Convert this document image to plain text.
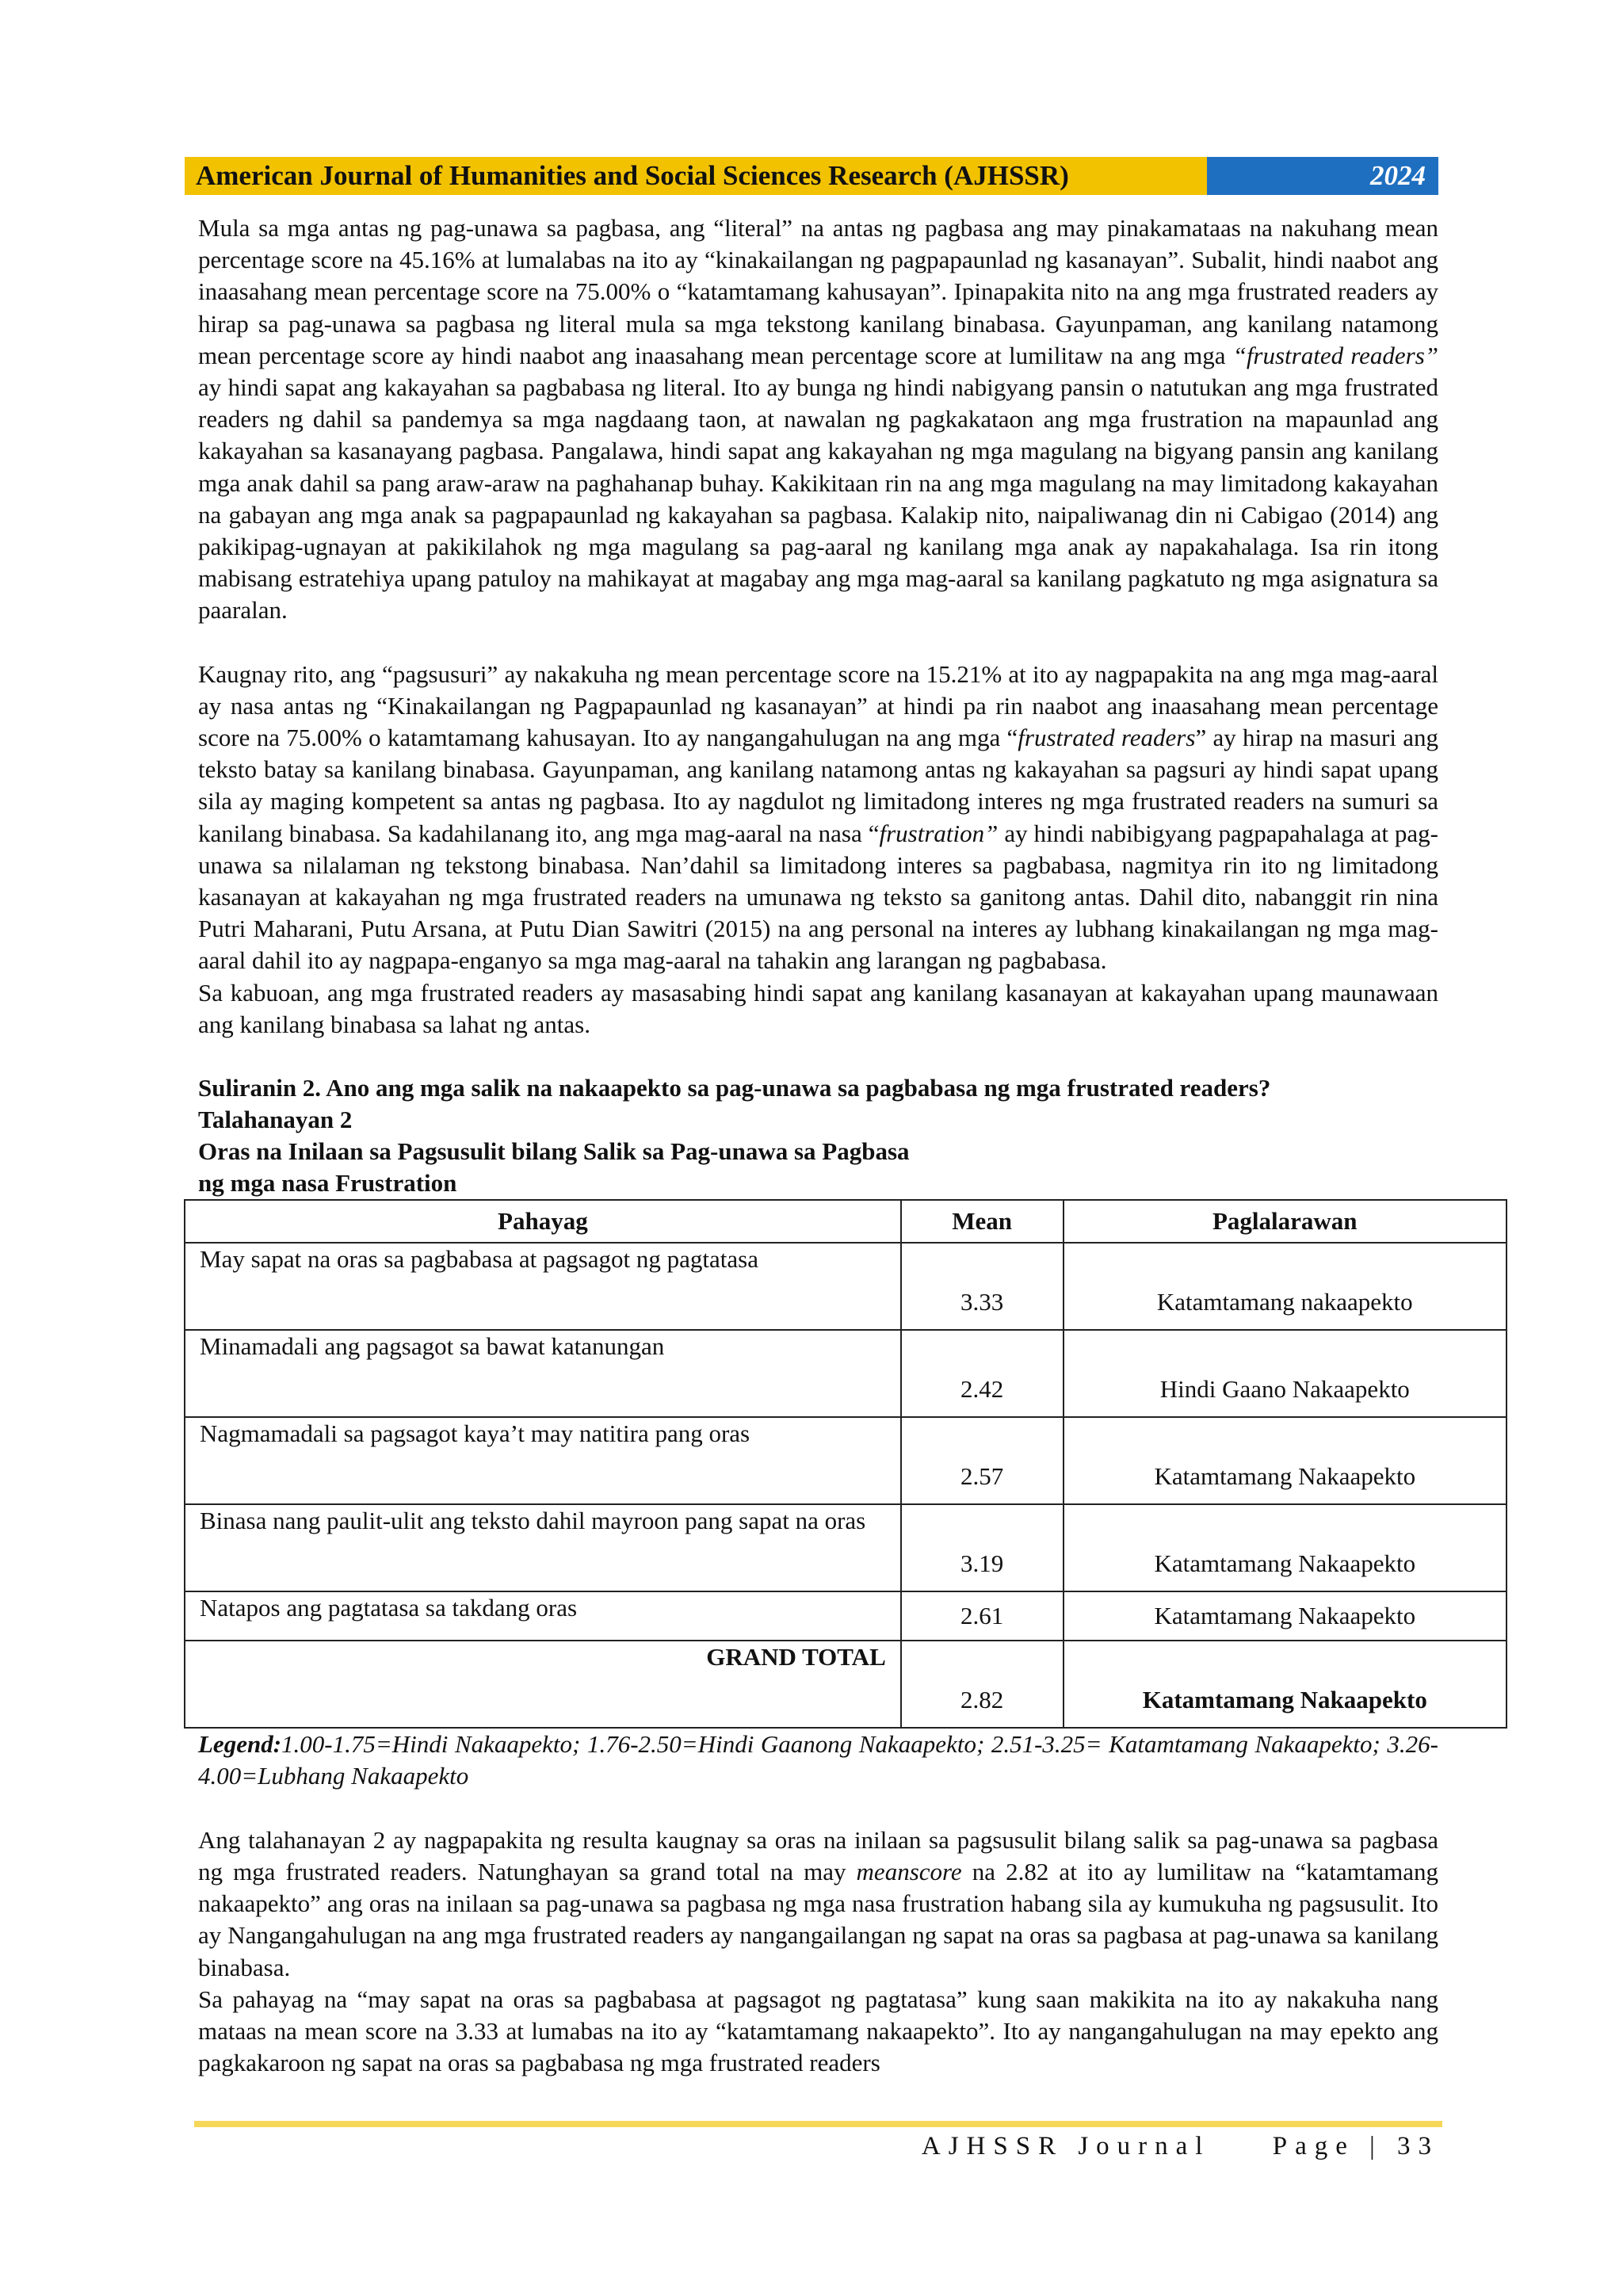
American Journal of Humanities and Social Sciences Research (AJHSSR)	2024

Mula sa mga antas ng pag-unawa sa pagbasa, ang “literal” na antas ng pagbasa ang may pinakamataas na nakuhang mean percentage score na 45.16% at lumalabas na ito ay “kinakailangan ng pagpapaunlad ng kasanayan”. Subalit, hindi naabot ang inaasahang mean percentage score na 75.00% o “katamtamang kahusayan”. Ipinapakita nito na ang mga frustrated readers ay hirap sa pag-unawa sa pagbasa ng literal mula sa mga tekstong kanilang binabasa. Gayunpaman, ang kanilang natamong mean percentage score ay hindi naabot ang inaasahang mean percentage score at lumilitaw na ang mga “frustrated readers” ay hindi sapat ang kakayahan sa pagbabasa ng literal. Ito ay bunga ng hindi nabigyang pansin o natutukan ang mga frustrated readers ng dahil sa pandemya sa mga nagdaang taon, at nawalan ng pagkakataon ang mga frustration na mapaunlad ang kakayahan sa kasanayang pagbasa. Pangalawa, hindi sapat ang kakayahan ng mga magulang na bigyang pansin ang kanilang mga anak dahil sa pang araw-araw na paghahanap buhay. Kakikitaan rin na ang mga magulang na may limitadong kakayahan na gabayan ang mga anak sa pagpapaunlad ng kakayahan sa pagbasa. Kalakip nito, naipaliwanag din ni Cabigao (2014) ang pakikipag-ugnayan at pakikilahok ng mga magulang sa pag-aaral ng kanilang mga anak ay napakahalaga. Isa rin itong mabisang estratehiya upang patuloy na mahikayat at magabay ang mga mag-aaral sa kanilang pagkatuto ng mga asignatura sa paaralan.

Kaugnay rito, ang “pagsusuri” ay nakakuha ng mean percentage score na 15.21% at ito ay nagpapakita na ang mga mag-aaral ay nasa antas ng “Kinakailangan ng Pagpapaunlad ng kasanayan” at hindi pa rin naabot ang inaasahang mean percentage score na 75.00% o katamtamang kahusayan. Ito ay nangangahulugan na ang mga “frustrated readers” ay hirap na masuri ang teksto batay sa kanilang binabasa. Gayunpaman, ang kanilang natamong antas ng kakayahan sa pagsuri ay hindi sapat upang sila ay maging kompetent sa antas ng pagbasa. Ito ay nagdulot ng limitadong interes ng mga frustrated readers na sumuri sa kanilang binabasa. Sa kadahilanang ito, ang mga mag-aaral na nasa “frustration” ay hindi nabibigyang pagpapahalaga at pag-unawa sa nilalaman ng tekstong binabasa. Nan’dahil sa limitadong interes sa pagbabasa, nagmitya rin ito ng limitadong kasanayan at kakayahan ng mga frustrated readers na umunawa ng teksto sa ganitong antas. Dahil dito, nabanggit rin nina Putri Maharani, Putu Arsana, at Putu Dian Sawitri (2015) na ang personal na interes ay lubhang kinakailangan ng mga mag-aaral dahil ito ay nagpapa-enganyo sa mga mag-aaral na tahakin ang larangan ng pagbabasa.

Sa kabuoan, ang mga frustrated readers ay masasabing hindi sapat ang kanilang kasanayan at kakayahan upang maunawaan ang kanilang binabasa sa lahat ng antas.

Suliranin 2. Ano ang mga salik na nakaapekto sa pag-unawa sa pagbabasa ng mga frustrated readers?

Talahanayan 2

Oras na Inilaan sa Pagsusulit bilang Salik sa Pag-unawa sa Pagbasa

ng mga nasa Frustration

Pahayag	Mean	Paglalarawan
May sapat na oras sa pagbabasa at pagsagot ng pagtatasa	3.33	Katamtamang nakaapekto
Minamadali ang pagsagot sa bawat katanungan	2.42	Hindi Gaano Nakaapekto
Nagmamadali sa pagsagot kaya’t may natitira pang oras	2.57	Katamtamang Nakaapekto
Binasa nang paulit-ulit ang teksto dahil mayroon pang sapat na oras	3.19	Katamtamang Nakaapekto
Natapos ang pagtatasa sa takdang oras	2.61	Katamtamang Nakaapekto
GRAND TOTAL	2.82	Katamtamang Nakaapekto

Legend:1.00-1.75=Hindi Nakaapekto; 1.76-2.50=Hindi Gaanong Nakaapekto; 2.51-3.25= Katamtamang Nakaapekto; 3.26-4.00=Lubhang Nakaapekto

Ang talahanayan 2 ay nagpapakita ng resulta kaugnay sa oras na inilaan sa pagsusulit bilang salik sa pag-unawa sa pagbasa ng mga frustrated readers. Natunghayan sa grand total na may meanscore na 2.82 at ito ay lumilitaw na “katamtamang nakaapekto” ang oras na inilaan sa pag-unawa sa pagbasa ng mga nasa frustration habang sila ay kumukuha ng pagsusulit. Ito ay Nangangahulugan na ang mga frustrated readers ay nangangailangan ng sapat na oras sa pagbasa at pag-unawa sa kanilang binabasa.

Sa pahayag na “may sapat na oras sa pagbabasa at pagsagot ng pagtatasa” kung saan makikita na ito ay nakakuha nang mataas na mean score na 3.33 at lumabas na ito ay “katamtamang nakaapekto”. Ito ay nangangahulugan na may epekto ang pagkakaroon ng sapat na oras sa pagbabasa ng mga frustrated readers

AJHSSR Journal Page | 33
